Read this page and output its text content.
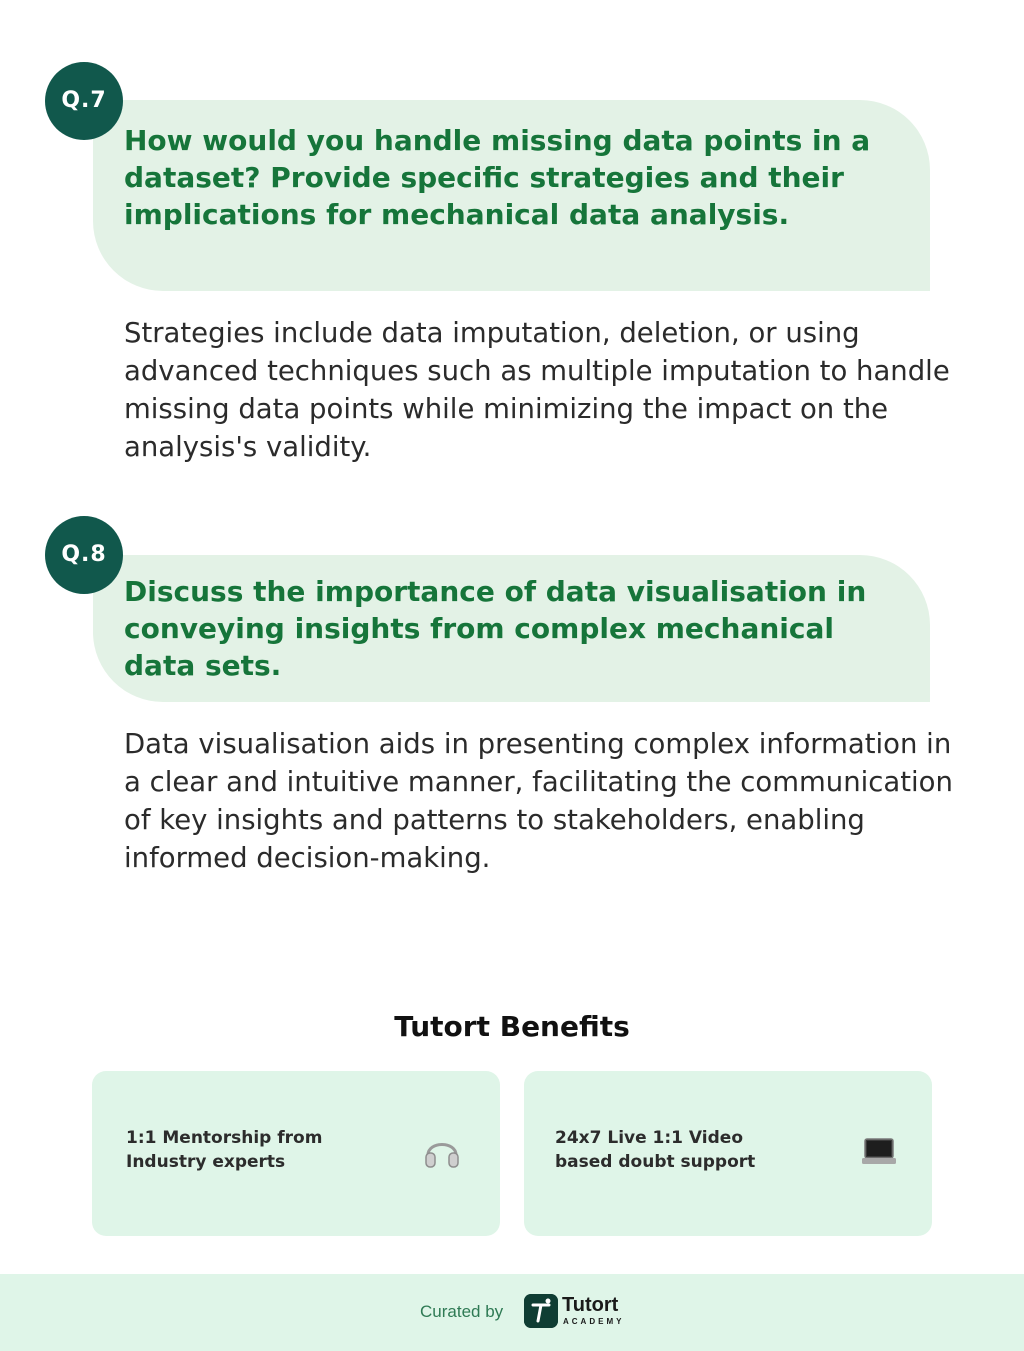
Q.7
How would you handle missing data points in a dataset? Provide specific strategies and their implications for mechanical data analysis.
Strategies include data imputation, deletion, or using advanced techniques such as multiple imputation to handle missing data points while minimizing the impact on the analysis's validity.
Q.8
Discuss the importance of data visualisation in conveying insights from complex mechanical data sets.
Data visualisation aids in presenting complex information in a clear and intuitive manner, facilitating the communication of key insights and patterns to stakeholders, enabling informed decision-making.
Tutort Benefits
1:1 Mentorship from Industry experts
24x7 Live 1:1 Video based doubt support
Curated by	Tutort
ACADEMY
